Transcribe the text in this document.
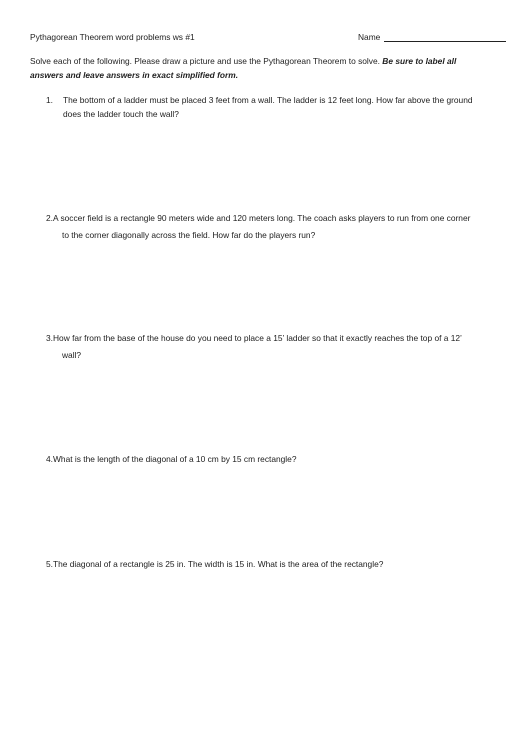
Pythagorean Theorem word problems ws #1	Name
Solve each of the following. Please draw a picture and use the Pythagorean Theorem to solve. Be sure to label all
answers and leave answers in exact simplified form.
1. The bottom of a ladder must be placed 3 feet from a wall. The ladder is 12 feet long. How far above the ground
does the ladder touch the wall?
2.A soccer field is a rectangle 90 meters wide and 120 meters long. The coach asks players to run from one corner
to the corner diagonally across the field. How far do the players run?
3.How far from the base of the house do you need to place a 15’ ladder so that it exactly reaches the top of a 12’
wall?
4.What is the length of the diagonal of a 10 cm by 15 cm rectangle?
5.The diagonal of a rectangle is 25 in. The width is 15 in. What is the area of the rectangle?
